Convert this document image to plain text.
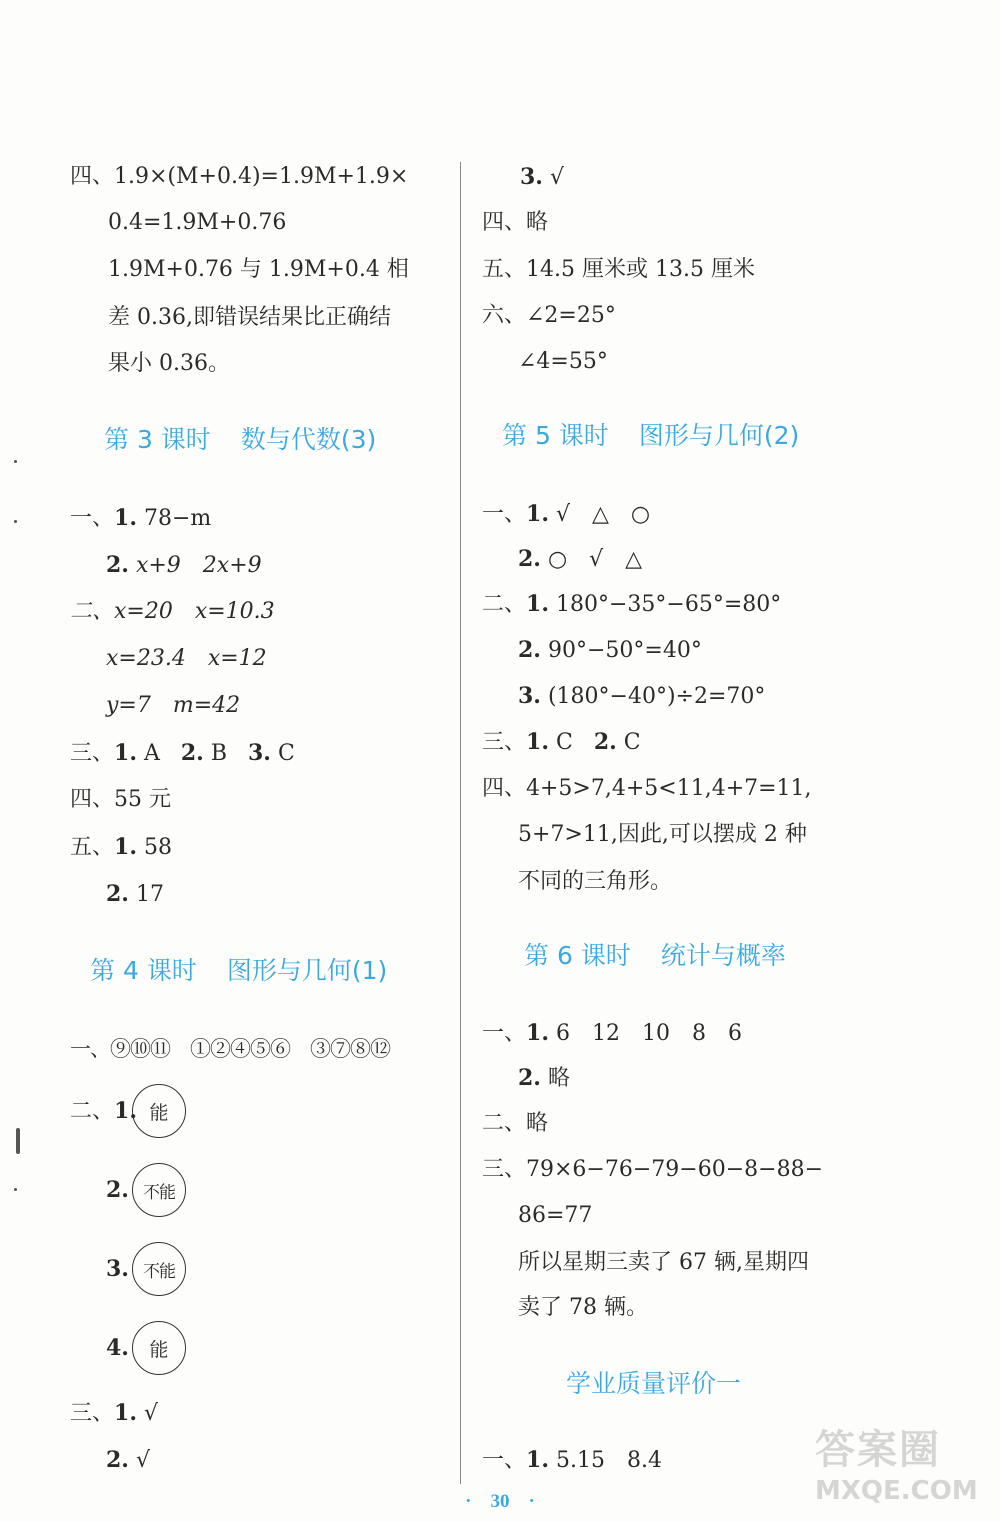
四、1.9×(M+0.4)=1.9M+1.9×
0.4=1.9M+0.76
1.9M+0.76 与 1.9M+0.4 相
差 0.36,即错误结果比正确结
果小 0.36。
第 3 课时 数与代数(3)
一、1. 78−m
2. x+9　2x+9
二、x=20　x=10.3
x=23.4　x=12
y=7　m=42
三、1. A 2. B 3. C
四、55 元
五、1. 58
2. 17
第 4 课时 图形与几何(1)
一、⑨⑩⑪　①②④⑤⑥　③⑦⑧⑫
二、1. 能
2. 不能
3. 不能
4.	能
三、1. √
2. √
3. √
四、略
五、14.5 厘米或 13.5 厘米
六、∠2=25°
∠4=55°
第 5 课时 图形与几何(2)
一、1. √　△　○
2. ○　√　△
二、1. 180°−35°−65°=80°
2. 90°−50°=40°
3. (180°−40°)÷2=70°
三、1. C 2. C
四、4+5>7,4+5<11,4+7=11,
5+7>11,因此,可以摆成 2 种
不同的三角形。
第 6 课时 统计与概率
一、1. 6　12　10　8　6
2. 略
二、略
三、79×6−76−79−60−8−88−
86=77
所以星期三卖了 67 辆,星期四
卖了 78 辆。
学业质量评价一
一、1. 5.15　8.4
·　30　·
答案圈
MXQE.COM
